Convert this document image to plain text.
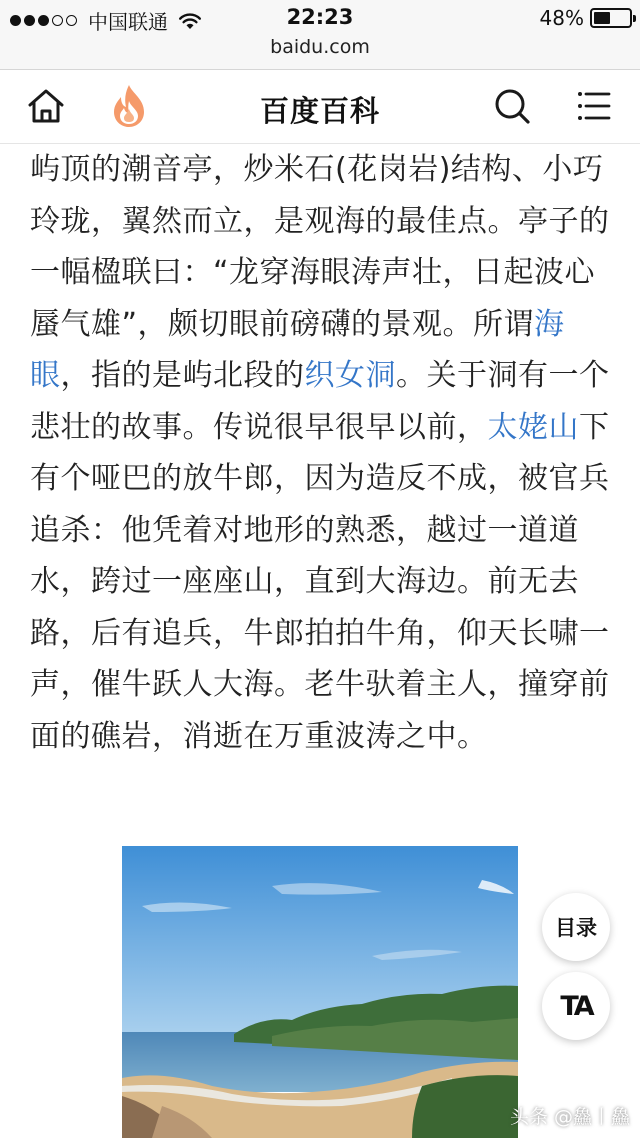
中国联通	22:23	48%
baidu.com
百度百科
屿顶的潮音亭，炒米石(花岗岩)结构、小巧玲珑，翼然而立，是观海的最佳点。亭子的一幅楹联曰：“龙穿海眼涛声壮，日起波心蜃气雄”，颇切眼前磅礴的景观。所谓海眼，指的是屿北段的织女洞。关于洞有一个悲壮的故事。传说很早很早以前，太姥山下有个哑巴的放牛郎，因为造反不成，被官兵追杀：他凭着对地形的熟悉，越过一道道水，跨过一座座山，直到大海边。前无去路，后有追兵，牛郎拍拍牛角，仰天长啸一声，催牛跃人大海。老牛驮着主人，撞穿前面的礁岩，消逝在万重波涛之中。
目录
TA
头条 @鱻丨鱻
